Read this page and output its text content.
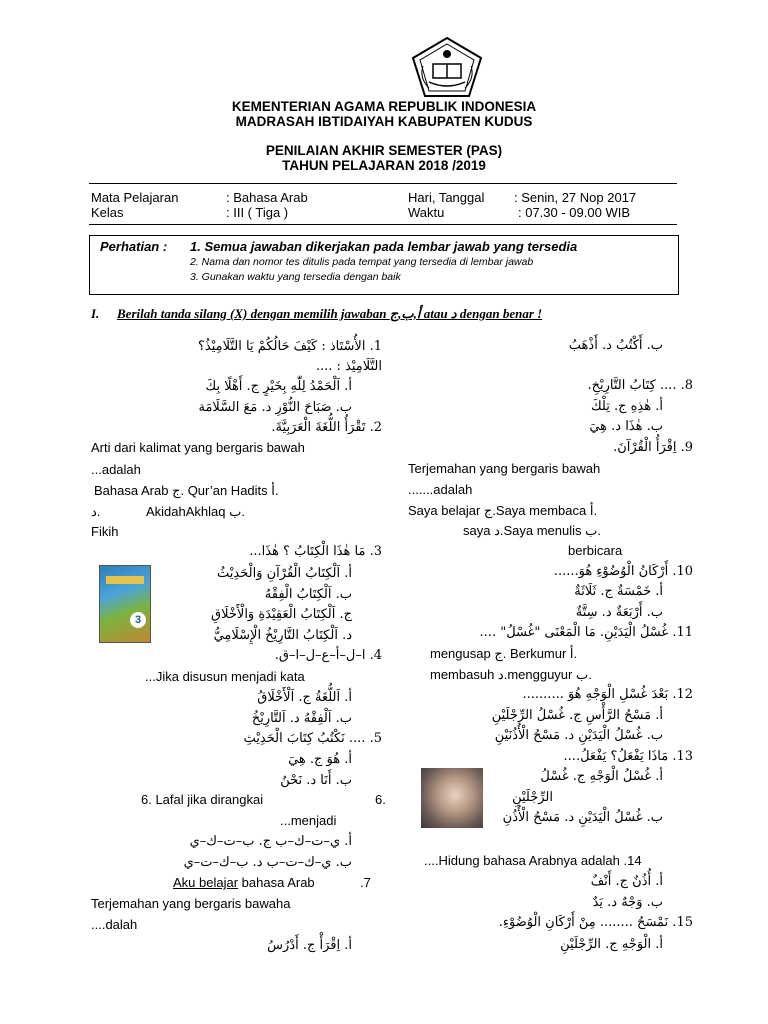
KEMENTERIAN AGAMA REPUBLIK INDONESIA
MADRASAH IBTIDAIYAH KABUPATEN KUDUS
PENILAIAN AKHIR SEMESTER (PAS)
TAHUN PELAJARAN 2018 /2019
Mata Pelajaran	: Bahasa Arab
Kelas	: III ( Tiga )
Hari, Tanggal : Senin, 27 Nop 2017
Waktu	: 07.30 - 09.00 WIB
Perhatian : 1. Semua jawaban dikerjakan pada lembar jawab yang tersedia
2. Nama dan nomor tes ditulis pada tempat yang tersedia di lembar jawab
3. Gunakan waktu yang tersedia dengan baik
I. Berilah tanda silang (X) dengan memilih jawaban أ,ب,ج atau د dengan benar !
1. الأُسْتَاذ : كَيْفَ حَالُكُمْ يَا التَّلَامِيْذُ؟
التَّلَامِيْذ : ....
أ. اَلْحَمْدُ لِلّٰهِ بِخَيْرٍ ج. أَهْلًا بِكَ
ب. صَبَاحَ النُّوْرِ د. مَعَ السَّلَامَة
2. تَقْرَأُ اللُّغَةَ الْعَرَبِيَّةَ.
Arti dari kalimat yang bergaris bawah
...adalah
Bahasa Arab ج. Qur’an Hadits أ.
AkidahAkhlaq ب.
د.
Fikih
3. مَا هٰذَا الْكِتَابُ ؟ هٰذَا...
أ. اَلْكِتَابُ الْقُرْآنِ وَالْحَدِيْثُ
ب. اَلْكِتَابُ الْفِقْهُ
ج. اَلْكِتَابُ الْعَقِيْدَةِ وَالْأَخْلَاقِ
د. اَلْكِتَابُ التَّارِيْخُ الْإِسْلَامِيُّ
4. ا–ل–أ–ع–ل–ا–ق.
...Jika disusun menjadi kata
أ. اَللُّغَةُ ج. اَلْأَخْلَاقُ
ب. اَلْفِقْهُ د. اَلتَّارِيْخُ
5. .... نَكْتُبُ كِتَابَ الْحَدِيْثِ
أ. هُوَ ج. هِيَ
ب. أَنَا د. نَحْنُ
6. Lafal jika dirangkai	6.
...menjadi
أ. ي–ت–ك–ب ج. ب–ت–ك–ي
ب. ي–ك–ت–ب د. ب–ك–ت–ي
Terjemahan yang bergaris bawaha
....dalah
أ. اِقْرَأْ ج. أَدْرُسُ
ب. أَكْتُبُ د. أَذْهَبُ
8. .... كِتَابُ التَّارِيْخِ.
أ. هٰذِهِ ج. تِلْكَ
ب. هٰذَا د. هِيَ
9. اِقْرَأُ الْقُرْآنَ.
Terjemahan yang bergaris bawah
.......adalah
Saya belajar ج.Saya membaca أ.
saya د.Saya menulis ب.
berbicara
10. أَرْكَانُ الْوُضُوْءِ هُوَ......
أ. خَمْسَةٌ ج. ثَلَاثَةٌ
ب. أَرْبَعَةٌ د. سِتَّةٌ
11. غُسْلُ الْيَدَيْنِ. مَا الْمَعْنَى "غُسْلُ" ....
mengusap ج. Berkumur أ.
membasuh د.mengguyur ب.
12. بَعْدَ غُسْلِ الْوَجْهِ هُوَ ..........
أ. مَسْحُ الرَّأْسِ ج. غُسْلُ الرِّجْلَيْنِ
ب. غُسْلُ الْيَدَيْنِ د. مَسْحُ الْأُذُنَيْنِ
13. مَاذَا يَفْعَلُ؟ يَفْعَلُ....
أ. غُسْلُ الْوَجْهِ ج. غُسْلُ
الرِّجْلَيْنِ
ب. غُسْلُ الْيَدَيْنِ د. مَسْحُ الْأُذُنِ
....Hidung bahasa Arabnya adalah .14
أ. أُذُنٌ ج. أَنْفٌ
ب. وَجْهٌ د. يَدٌ
15. نَمْسَحُ ........ مِنْ أَرْكَانِ الْوُضُوْءِ.
أ. الْوَجْهِ ج. الرِّجْلَيْنِ
Aku belajar bahasa Arab	.7
3
